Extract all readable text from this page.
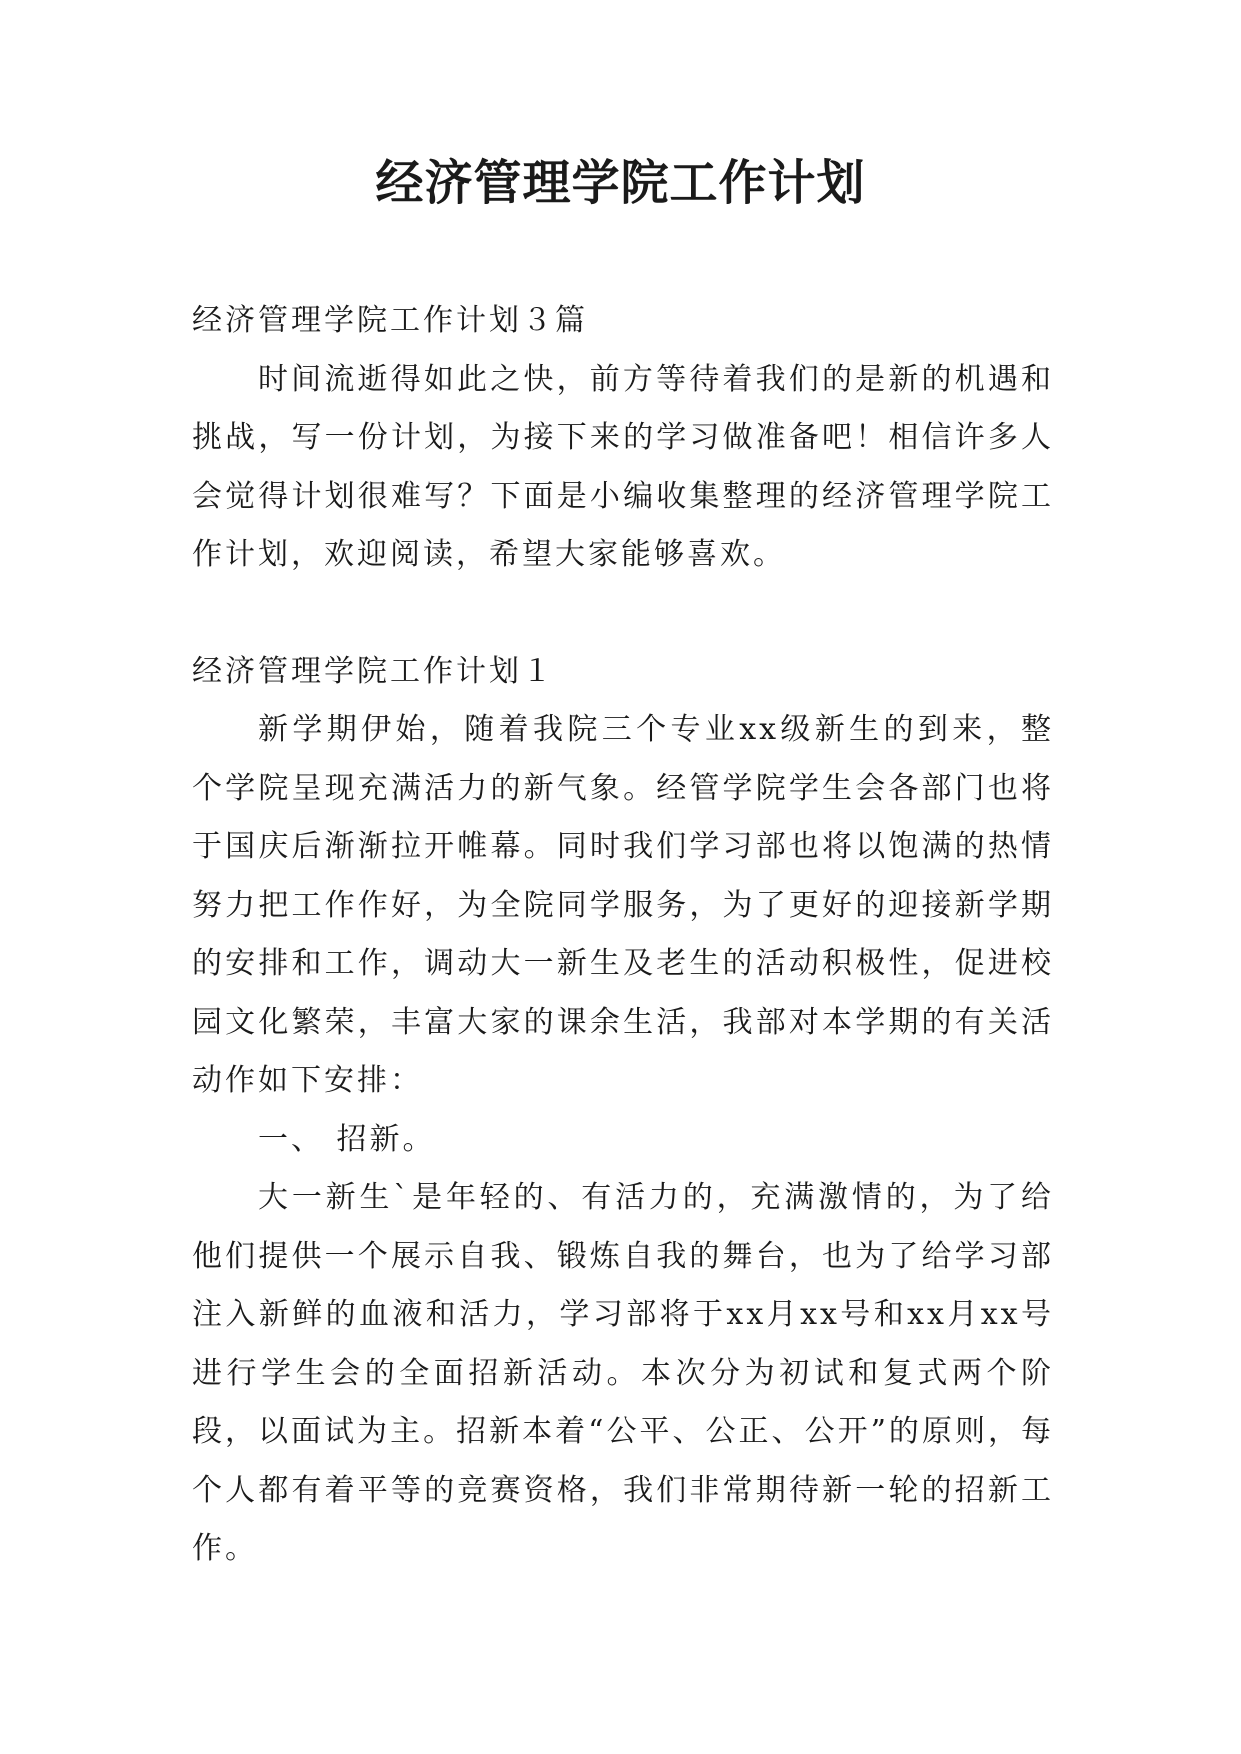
经济管理学院工作计划

经济管理学院工作计划３篇

时间流逝得如此之快，前方等待着我们的是新的机遇和挑战，写一份计划，为接下来的学习做准备吧！相信许多人会觉得计划很难写？下面是小编收集整理的经济管理学院工作计划，欢迎阅读，希望大家能够喜欢。

经济管理学院工作计划１

新学期伊始，随着我院三个专业xx级新生的到来，整个学院呈现充满活力的新气象。经管学院学生会各部门也将于国庆后渐渐拉开帷幕。同时我们学习部也将以饱满的热情努力把工作作好，为全院同学服务，为了更好的迎接新学期的安排和工作，调动大一新生及老生的活动积极性，促进校园文化繁荣，丰富大家的课余生活，我部对本学期的有关活动作如下安排：

一、 招新。

大一新生`是年轻的、有活力的，充满激情的，为了给他们提供一个展示自我、锻炼自我的舞台，也为了给学习部注入新鲜的血液和活力，学习部将于xx月xx号和xx月xx号进行学生会的全面招新活动。本次分为初试和复式两个阶段，以面试为主。招新本着“公平、公正、公开”的原则，每个人都有着平等的竞赛资格，我们非常期待新一轮的招新工作。
